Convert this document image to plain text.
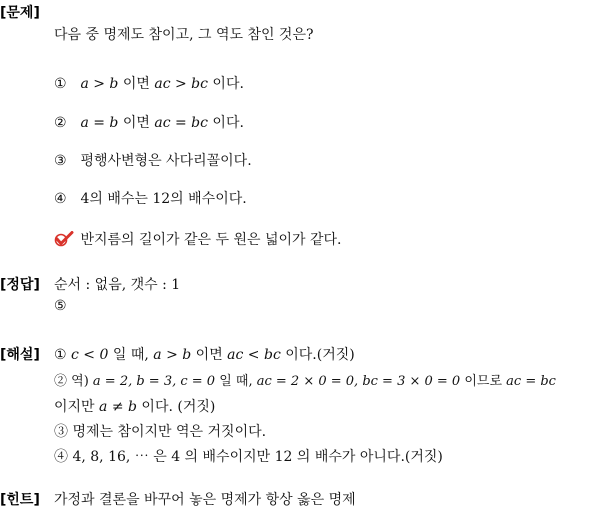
[문제]
다음 중 명제도 참이고, 그 역도 참인 것은?
① a > b 이면 ac > bc 이다.
② a = b 이면 ac = bc 이다.
③ 평행사변형은 사다리꼴이다.
④ 4의 배수는 12의 배수이다.
반지름의 길이가 같은 두 원은 넓이가 같다.
[정답] 순서 : 없음, 갯수 : 1
⑤
[해설] ① c < 0 일 때, a > b 이면 ac < bc 이다.(거짓)
② 역) a = 2, b = 3, c = 0 일 때, ac = 2 × 0 = 0, bc = 3 × 0 = 0 이므로 ac = bc
이지만 a ≠ b 이다. (거짓)
③ 명제는 참이지만 역은 거짓이다.
④ 4, 8, 16, ⋯ 은 4 의 배수이지만 12 의 배수가 아니다.(거짓)
[힌트] 가정과 결론을 바꾸어 놓은 명제가 항상 옳은 명제
